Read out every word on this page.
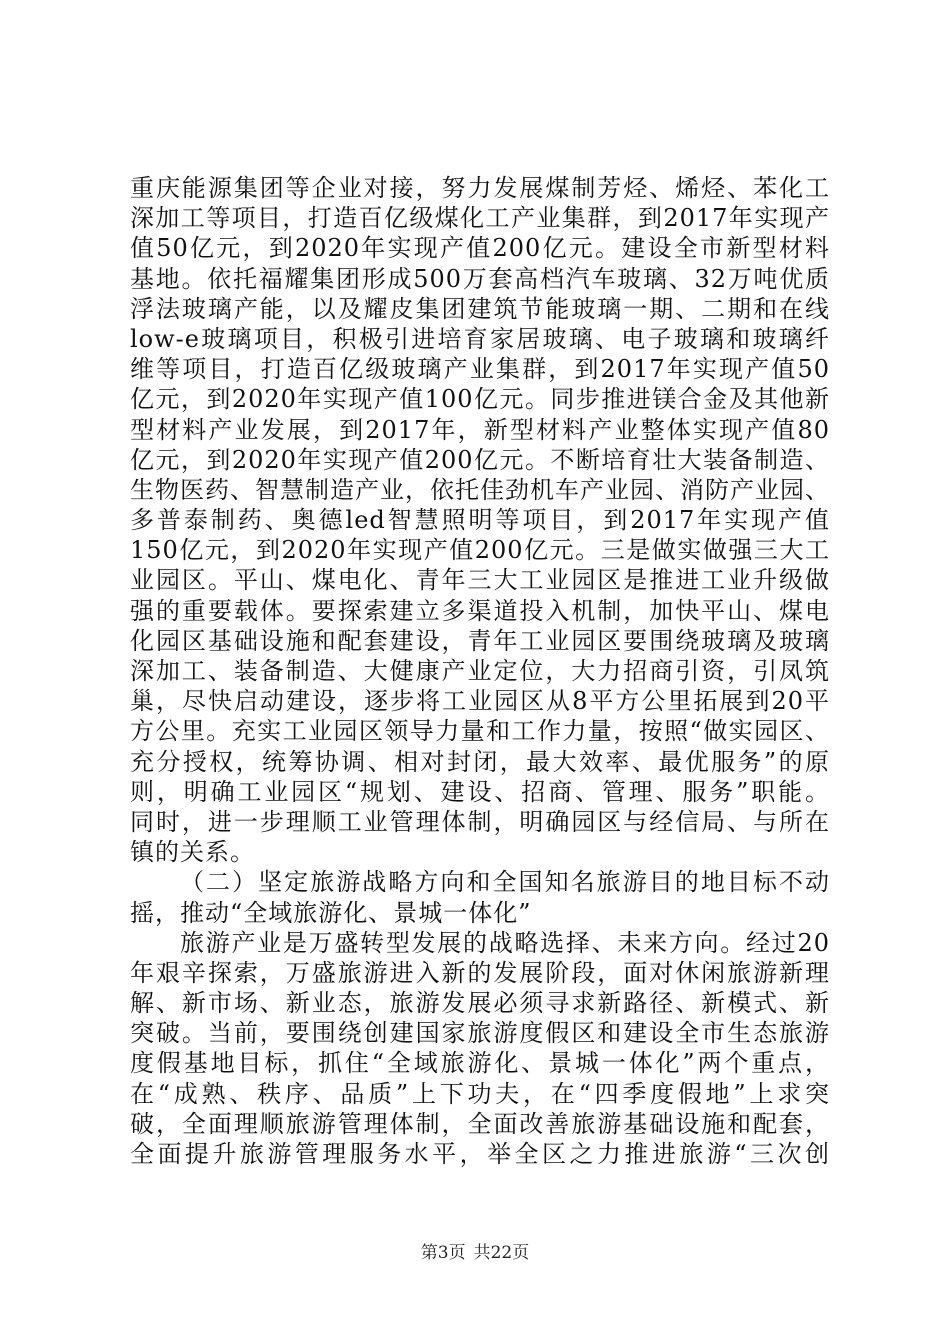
重庆能源集团等企业对接，努力发展煤制芳烃、烯烃、苯化工
深加工等项目，打造百亿级煤化工产业集群，到2017年实现产
值50亿元，到2020年实现产值200亿元。建设全市新型材料
基地。依托福耀集团形成500万套高档汽车玻璃、32万吨优质
浮法玻璃产能，以及耀皮集团建筑节能玻璃一期、二期和在线
low-e玻璃项目，积极引进培育家居玻璃、电子玻璃和玻璃纤
维等项目，打造百亿级玻璃产业集群，到2017年实现产值50
亿元，到2020年实现产值100亿元。同步推进镁合金及其他新
型材料产业发展，到2017年，新型材料产业整体实现产值80
亿元，到2020年实现产值200亿元。不断培育壮大装备制造、
生物医药、智慧制造产业，依托佳劲机车产业园、消防产业园、
多普泰制药、奥德led智慧照明等项目，到2017年实现产值
150亿元，到2020年实现产值200亿元。三是做实做强三大工
业园区。平山、煤电化、青年三大工业园区是推进工业升级做
强的重要载体。要探索建立多渠道投入机制，加快平山、煤电
化园区基础设施和配套建设，青年工业园区要围绕玻璃及玻璃
深加工、装备制造、大健康产业定位，大力招商引资，引凤筑
巢，尽快启动建设，逐步将工业园区从8平方公里拓展到20平
方公里。充实工业园区领导力量和工作力量，按照“做实园区、
充分授权，统筹协调、相对封闭，最大效率、最优服务”的原
则，明确工业园区“规划、建设、招商、管理、服务”职能。
同时，进一步理顺工业管理体制，明确园区与经信局、与所在
镇的关系。
（二）坚定旅游战略方向和全国知名旅游目的地目标不动
摇，推动“全域旅游化、景城一体化”
旅游产业是万盛转型发展的战略选择、未来方向。经过20
年艰辛探索，万盛旅游进入新的发展阶段，面对休闲旅游新理
解、新市场、新业态，旅游发展必须寻求新路径、新模式、新
突破。当前，要围绕创建国家旅游度假区和建设全市生态旅游
度假基地目标，抓住“全域旅游化、景城一体化”两个重点，
在“成熟、秩序、品质”上下功夫，在“四季度假地”上求突
破，全面理顺旅游管理体制，全面改善旅游基础设施和配套，
全面提升旅游管理服务水平，举全区之力推进旅游“三次创
第3页 共22页
